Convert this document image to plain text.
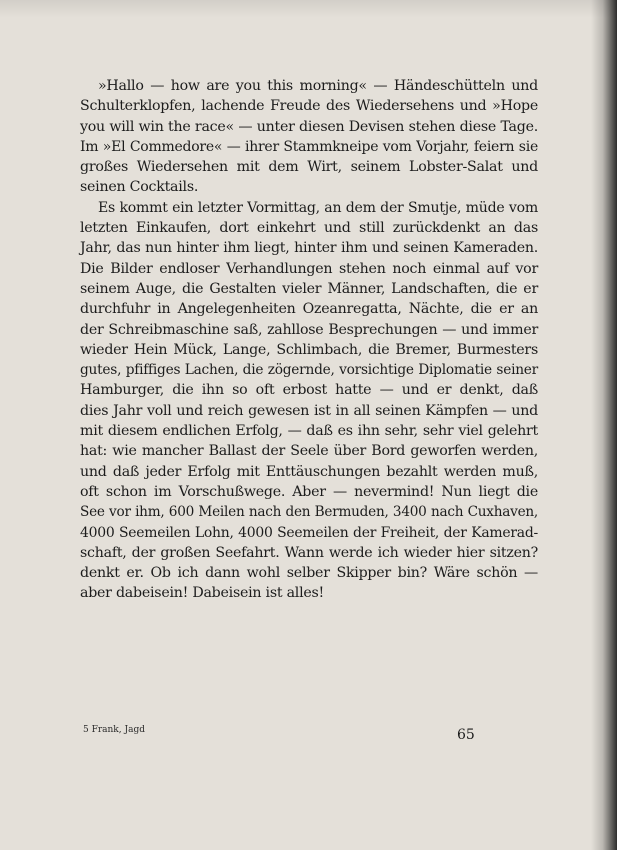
»Hallo — how are you this morning« — Händeschütteln und
Schulterklopfen, lachende Freude des Wiedersehens und »Hope
you will win the race« — unter diesen Devisen stehen diese Tage.
Im »El Commedore« — ihrer Stammkneipe vom Vorjahr, feiern sie
großes Wiedersehen mit dem Wirt, seinem Lobster-Salat und
seinen Cocktails.
Es kommt ein letzter Vormittag, an dem der Smutje, müde vom
letzten Einkaufen, dort einkehrt und still zurückdenkt an das
Jahr, das nun hinter ihm liegt, hinter ihm und seinen Kameraden.
Die Bilder endloser Verhandlungen stehen noch einmal auf vor
seinem Auge, die Gestalten vieler Männer, Landschaften, die er
durchfuhr in Angelegenheiten Ozeanregatta, Nächte, die er an
der Schreibmaschine saß, zahllose Besprechungen — und immer
wieder Hein Mück, Lange, Schlimbach, die Bremer, Burmesters
gutes, pfiffiges Lachen, die zögernde, vorsichtige Diplomatie seiner
Hamburger, die ihn so oft erbost hatte — und er denkt, daß
dies Jahr voll und reich gewesen ist in all seinen Kämpfen — und
mit diesem endlichen Erfolg, — daß es ihn sehr, sehr viel gelehrt
hat: wie mancher Ballast der Seele über Bord geworfen werden,
und daß jeder Erfolg mit Enttäuschungen bezahlt werden muß,
oft schon im Vorschußwege. Aber — nevermind! Nun liegt die
See vor ihm, 600 Meilen nach den Bermuden, 3400 nach Cuxhaven,
4000 Seemeilen Lohn, 4000 Seemeilen der Freiheit, der Kamerad-
schaft, der großen Seefahrt. Wann werde ich wieder hier sitzen?
denkt er. Ob ich dann wohl selber Skipper bin? Wäre schön —
aber dabeisein! Dabeisein ist alles!
5 Frank, Jagd	65
